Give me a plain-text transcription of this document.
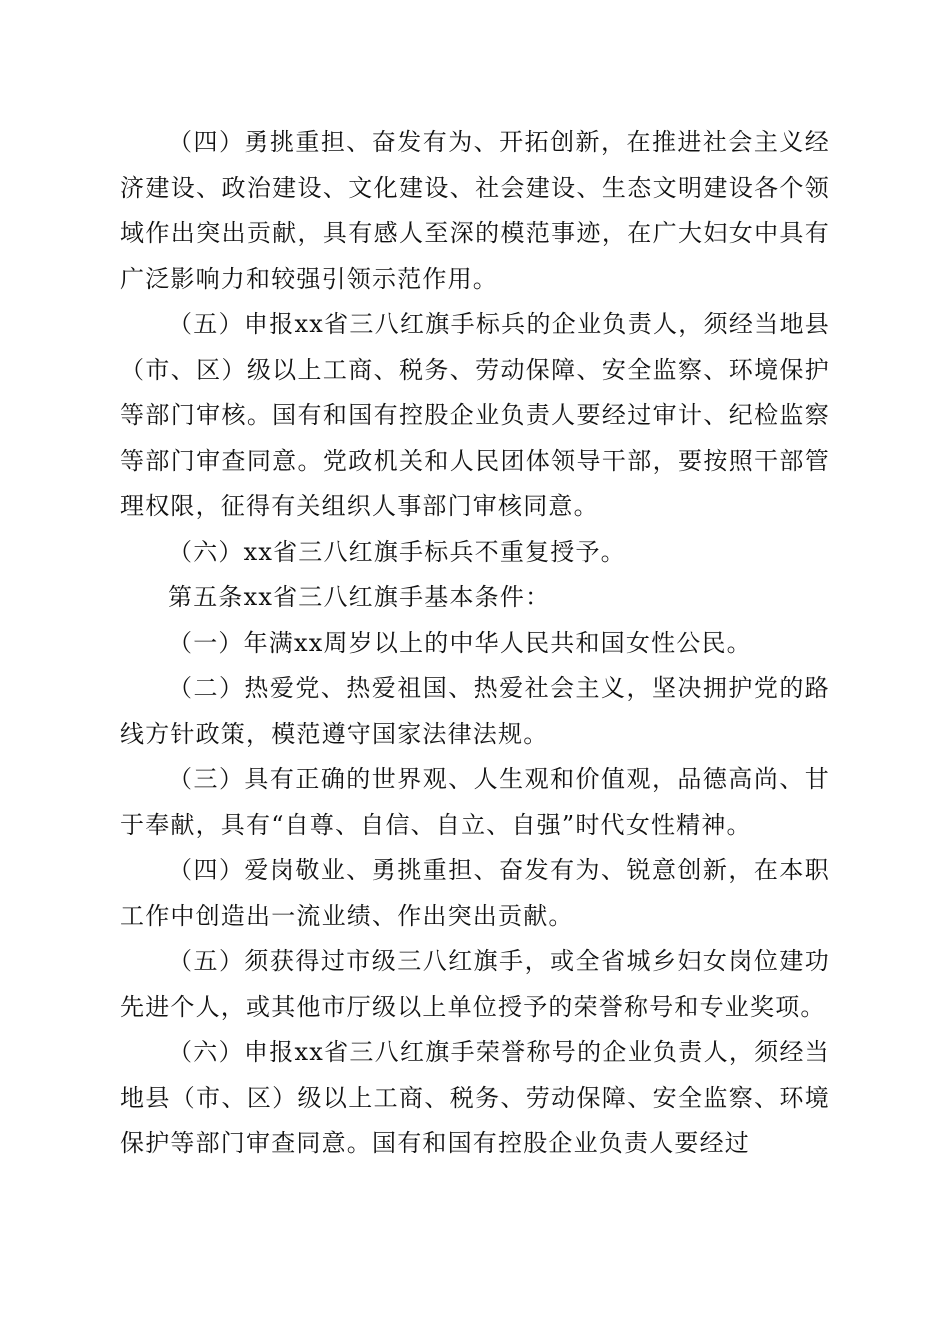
（四）勇挑重担、奋发有为、开拓创新，在推进社会主义经济建设、政治建设、文化建设、社会建设、生态文明建设各个领域作出突出贡献，具有感人至深的模范事迹，在广大妇女中具有广泛影响力和较强引领示范作用。

（五）申报xx省三八红旗手标兵的企业负责人，须经当地县（市、区）级以上工商、税务、劳动保障、安全监察、环境保护等部门审核。国有和国有控股企业负责人要经过审计、纪检监察等部门审查同意。党政机关和人民团体领导干部，要按照干部管理权限，征得有关组织人事部门审核同意。

（六）xx省三八红旗手标兵不重复授予。

第五条xx省三八红旗手基本条件：

（一）年满xx周岁以上的中华人民共和国女性公民。

（二）热爱党、热爱祖国、热爱社会主义，坚决拥护党的路线方针政策，模范遵守国家法律法规。

（三）具有正确的世界观、人生观和价值观，品德高尚、甘于奉献，具有“自尊、自信、自立、自强”时代女性精神。

（四）爱岗敬业、勇挑重担、奋发有为、锐意创新，在本职工作中创造出一流业绩、作出突出贡献。

（五）须获得过市级三八红旗手，或全省城乡妇女岗位建功先进个人，或其他市厅级以上单位授予的荣誉称号和专业奖项。

（六）申报xx省三八红旗手荣誉称号的企业负责人，须经当地县（市、区）级以上工商、税务、劳动保障、安全监察、环境保护等部门审查同意。国有和国有控股企业负责人要经过
